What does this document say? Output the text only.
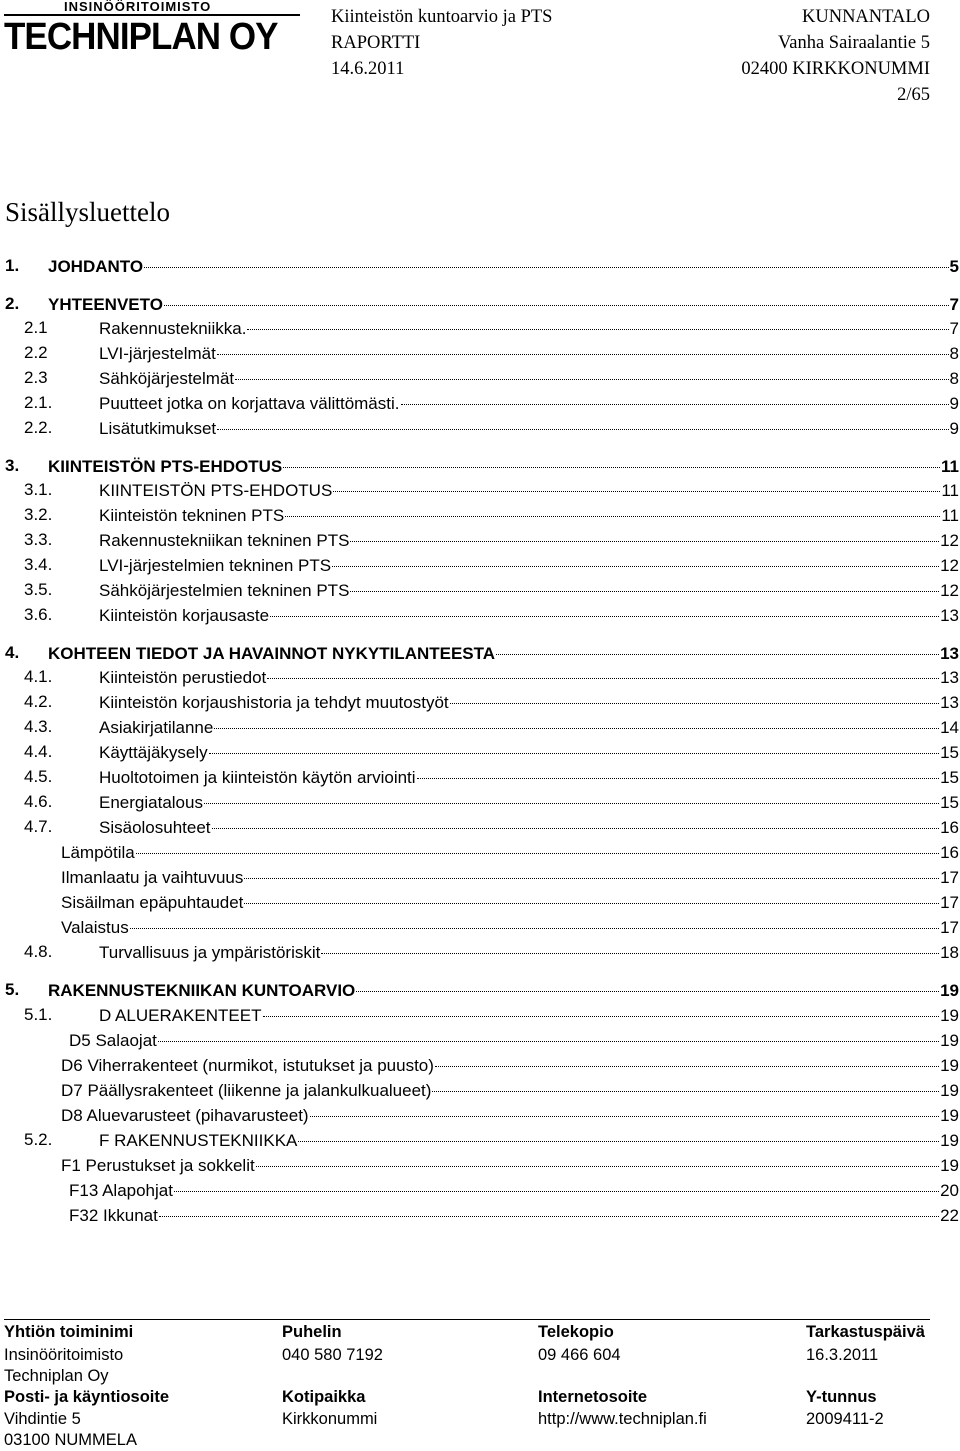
INSINÖÖRITOIMISTO
TECHNIPLAN OY	Kiinteistön kuntoarvio ja PTS
RAPORTTI
14.6.2011
KUNNANTALO
Vanha Sairaalantie 5
02400 KIRKKONUMMI
2/65
Sisällysluettelo
1. JOHDANTO	5
2. YHTEENVETO	7
2.1	Rakennustekniikka.	7
2.2	LVI-järjestelmät	8
2.3	Sähköjärjestelmät	8
2.1.	Puutteet jotka on korjattava välittömästi.	9
2.2.	Lisätutkimukset	9
3. KIINTEISTÖN PTS-EHDOTUS	11
3.1.	KIINTEISTÖN PTS-EHDOTUS	11
3.2.	Kiinteistön tekninen PTS	11
3.3.	Rakennustekniikan tekninen PTS	12
3.4.	LVI-järjestelmien tekninen PTS	12
3.5.	Sähköjärjestelmien tekninen PTS	12
3.6.	Kiinteistön korjausaste	13
4. KOHTEEN TIEDOT JA HAVAINNOT NYKYTILANTEESTA	13
4.1.	Kiinteistön perustiedot	13
4.2.	Kiinteistön korjaushistoria ja tehdyt muutostyöt	13
4.3.	Asiakirjatilanne	14
4.4.	Käyttäjäkysely	15
4.5.	Huoltotoimen ja kiinteistön käytön arviointi	15
4.6.	Energiatalous	15
4.7.	Sisäolosuhteet	16
Lämpötila	16
Ilmanlaatu ja vaihtuvuus	17
Sisäilman epäpuhtaudet	17
Valaistus	17
4.8.	Turvallisuus ja ympäristöriskit	18
5. RAKENNUSTEKNIIKAN KUNTOARVIO	19
5.1.	D ALUERAKENTEET	19
D5 Salaojat	19
D6 Viherrakenteet (nurmikot, istutukset ja puusto)	19
D7 Päällysrakenteet (liikenne ja jalankulkualueet)	19
D8 Aluevarusteet (pihavarusteet)	19
5.2.	F RAKENNUSTEKNIIKKA	19
F1 Perustukset ja sokkelit	19
F13 Alapohjat	20
F32 Ikkunat	22
Yhtiön toiminimi	Puhelin	Telekopio	Tarkastuspäivä
Insinööritoimisto	040 580 7192	09 466 604	16.3.2011
Techniplan Oy
Posti- ja käyntiosoite	Kotipaikka	Internetosoite	Y-tunnus
Vihdintie 5	Kirkkonummi	http://www.techniplan.fi	2009411-2
03100 NUMMELA
